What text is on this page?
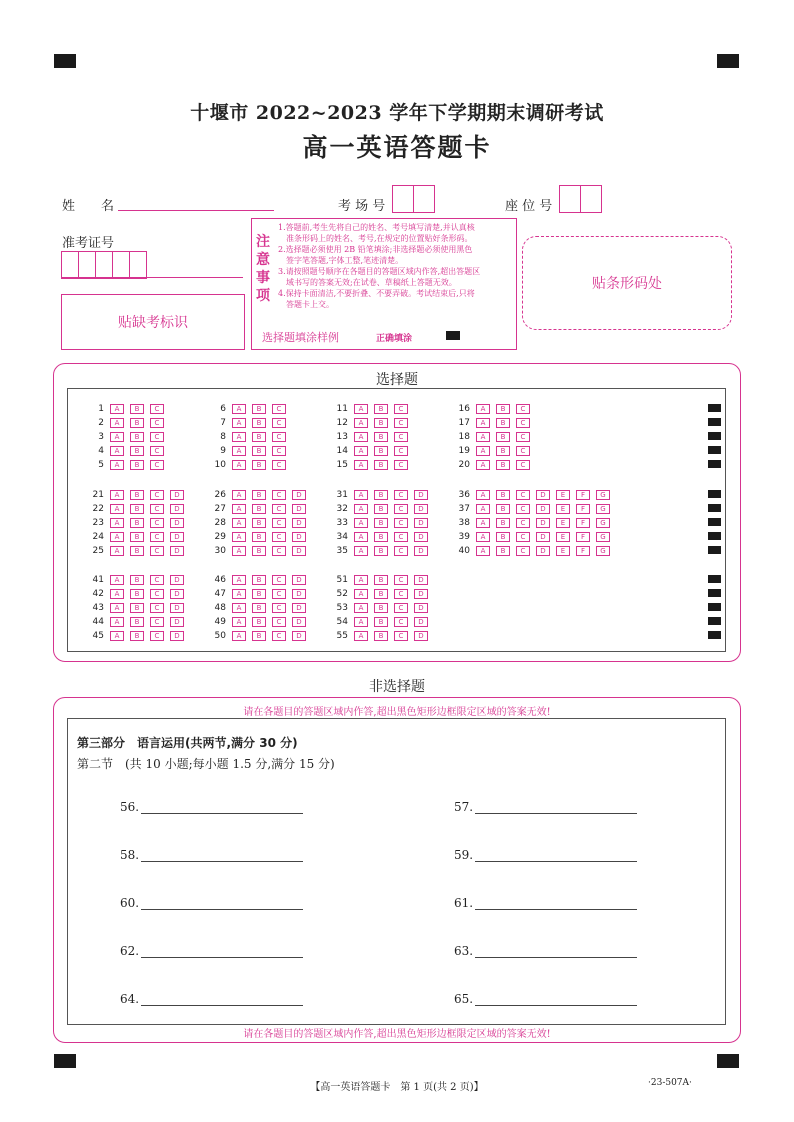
十堰市 2022~2023 学年下学期期末调研考试
高一英语答题卡
姓　　名	考 场 号	座 位 号
准考证号
贴缺考标识
注意事项
1.答题前,考生先将自己的姓名、考号填写清楚,并认真核
　准条形码上的姓名、考号,在规定的位置贴好条形码。
2.选择题必须使用 2B 铅笔填涂;非选择题必须使用黑色
　签字笔答题,字体工整,笔迹清楚。
3.请按照题号顺序在各题目的答题区域内作答,超出答题区
　域书写的答案无效;在试卷、草稿纸上答题无效。
4.保持卡面清洁,不要折叠、不要弄破。考试结束后,只将
　答题卡上交。
选择题填涂样例	正确填涂
贴条形码处
选择题
1	A	B	C
2	A	B	C
3	A	B	C
4	A	B	C
5	A	B	C
6	A	B	C
7	A	B	C
8	A	B	C
9	A	B	C
10	A	B	C
11	A	B	C
12	A	B	C
13	A	B	C
14	A	B	C
15	A	B	C
16	A	B	C
17	A	B	C
18	A	B	C
19	A	B	C
20	A	B	C
21	A	B	C	D
22	A	B	C	D
23	A	B	C	D
24	A	B	C	D
25	A	B	C	D
26	A	B	C	D
27	A	B	C	D
28	A	B	C	D
29	A	B	C	D
30	A	B	C	D
31	A	B	C	D
32	A	B	C	D
33	A	B	C	D
34	A	B	C	D
35	A	B	C	D
36	A	B	C	D	E	F	G
37	A	B	C	D	E	F	G
38	A	B	C	D	E	F	G
39	A	B	C	D	E	F	G
40	A	B	C	D	E	F	G
41	A	B	C	D
42	A	B	C	D
43	A	B	C	D
44	A	B	C	D
45	A	B	C	D
46	A	B	C	D
47	A	B	C	D
48	A	B	C	D
49	A	B	C	D
50	A	B	C	D
51	A	B	C	D
52	A	B	C	D
53	A	B	C	D
54	A	B	C	D
55	A	B	C	D
非选择题
请在各题目的答题区域内作答,超出黑色矩形边框限定区域的答案无效!
请在各题目的答题区域内作答,超出黑色矩形边框限定区域的答案无效!
第三部分　语言运用(共两节,满分 30 分)
第二节　(共 10 小题;每小题 1.5 分,满分 15 分)
56.	57.
58.	59.
60.	61.
62.	63.
64.	65.
【高一英语答题卡　第 1 页(共 2 页)】	·23-507A·
